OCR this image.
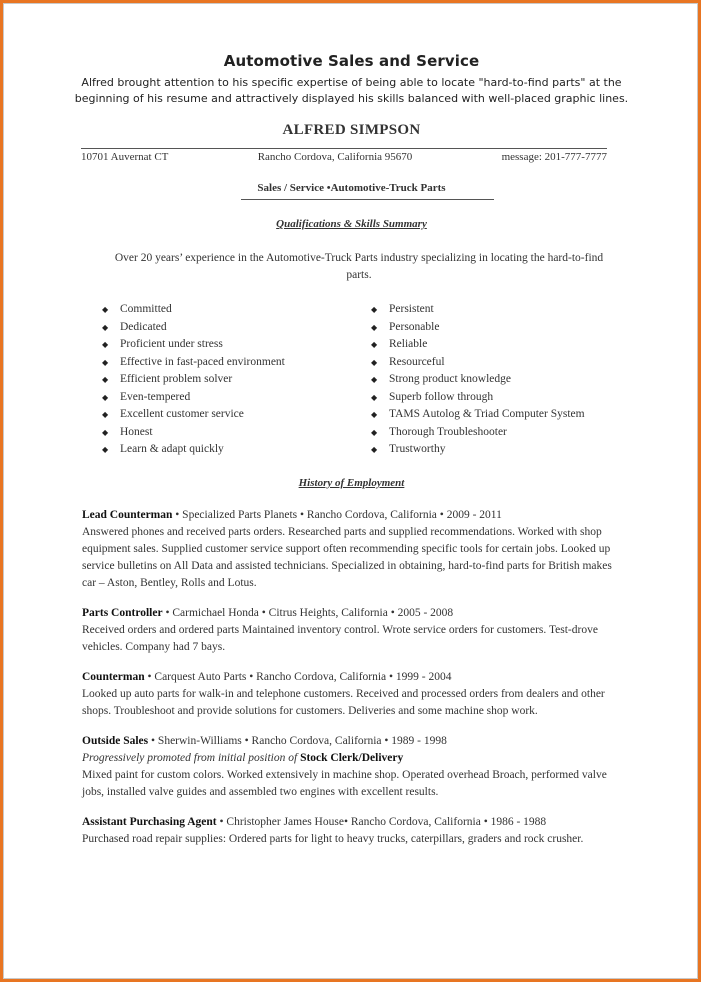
Automotive Sales and Service
Alfred brought attention to his specific expertise of being able to locate "hard-to-find parts" at the beginning of his resume and attractively displayed his skills balanced with well-placed graphic lines.
ALFRED SIMPSON
10701 Auvernat CT	Rancho Cordova, California 95670	message: 201-777-7777
Sales / Service •Automotive-Truck Parts
Qualifications & Skills Summary
Over 20 years’ experience in the Automotive-Truck Parts industry specializing in locating the hard-to-find parts.
◆ Committed
◆ Dedicated
◆ Proficient under stress
◆ Effective in fast-paced environment
◆ Efficient problem solver
◆ Even-tempered
◆ Excellent customer service
◆ Honest
◆ Learn & adapt quickly
◆ Persistent
◆ Personable
◆ Reliable
◆ Resourceful
◆ Strong product knowledge
◆ Superb follow through
◆ TAMS Autolog & Triad Computer System
◆ Thorough Troubleshooter
◆ Trustworthy
History of Employment
Lead Counterman • Specialized Parts Planets • Rancho Cordova, California • 2009 - 2011
Answered phones and received parts orders. Researched parts and supplied recommendations. Worked with shop equipment sales. Supplied customer service support often recommending specific tools for certain jobs. Looked up service bulletins on All Data and assisted technicians. Specialized in obtaining, hard-to-find parts for British makes car – Aston, Bentley, Rolls and Lotus.
Parts Controller • Carmichael Honda • Citrus Heights, California • 2005 - 2008
Received orders and ordered parts Maintained inventory control. Wrote service orders for customers. Test-drove vehicles. Company had 7 bays.
Counterman • Carquest Auto Parts • Rancho Cordova, California • 1999 - 2004
Looked up auto parts for walk-in and telephone customers. Received and processed orders from dealers and other shops. Troubleshoot and provide solutions for customers. Deliveries and some machine shop work.
Outside Sales • Sherwin-Williams • Rancho Cordova, California • 1989 - 1998
Progressively promoted from initial position of Stock Clerk/Delivery
Mixed paint for custom colors. Worked extensively in machine shop. Operated overhead Broach, performed valve jobs, installed valve guides and assembled two engines with excellent results.
Assistant Purchasing Agent • Christopher James House• Rancho Cordova, California • 1986 - 1988
Purchased road repair supplies: Ordered parts for light to heavy trucks, caterpillars, graders and rock crusher.
